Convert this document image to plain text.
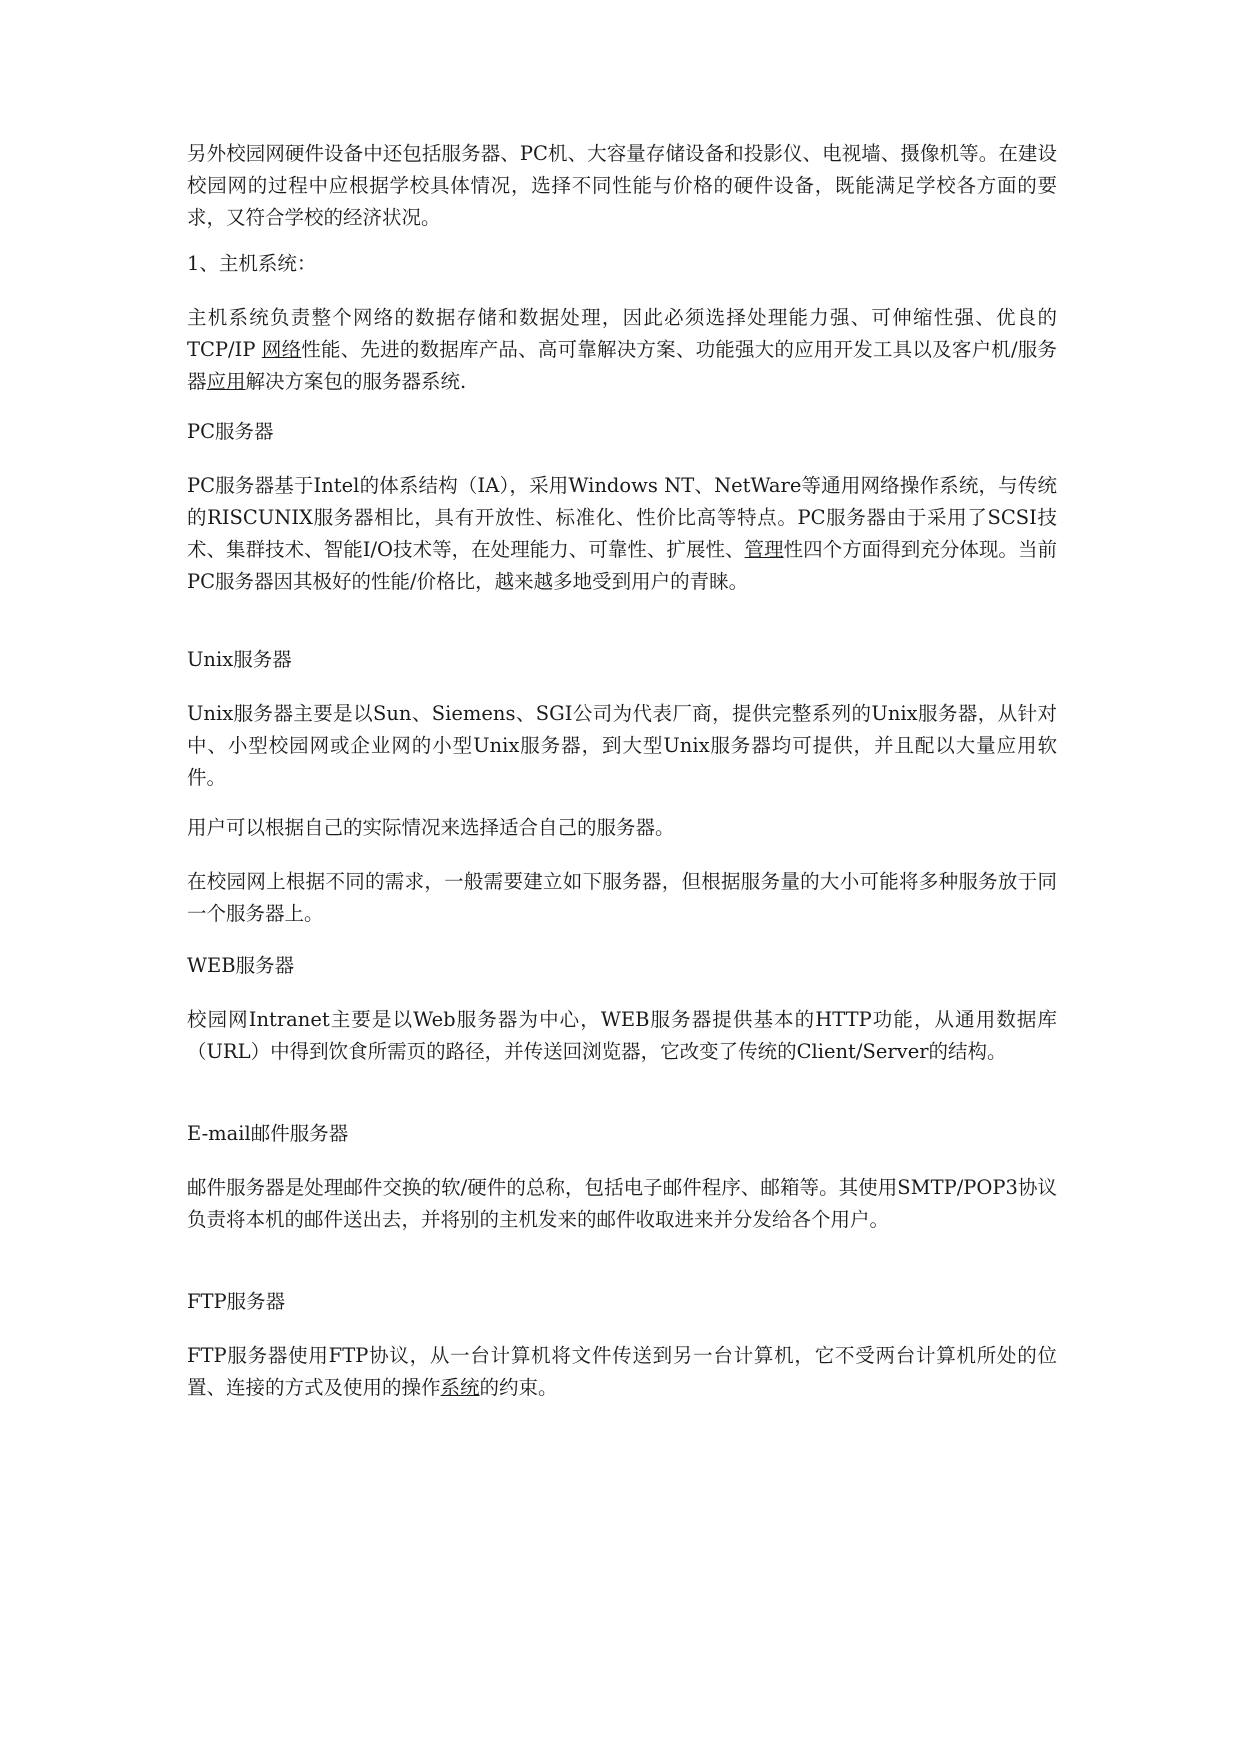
另外校园网硬件设备中还包括服务器、PC机、大容量存储设备和投影仪、电视墙、摄像机等。在建设校园网的过程中应根据学校具体情况，选择不同性能与价格的硬件设备，既能满足学校各方面的要求，又符合学校的经济状况。

1、主机系统：

主机系统负责整个网络的数据存储和数据处理，因此必须选择处理能力强、可伸缩性强、优良的TCP/IP 网络性能、先进的数据库产品、高可靠解决方案、功能强大的应用开发工具以及客户机/服务器应用解决方案包的服务器系统.

PC服务器

PC服务器基于Intel的体系结构（IA），采用Windows NT、NetWare等通用网络操作系统，与传统的RISCUNIX服务器相比，具有开放性、标准化、性价比高等特点。PC服务器由于采用了SCSI技术、集群技术、智能I/O技术等，在处理能力、可靠性、扩展性、管理性四个方面得到充分体现。当前PC服务器因其极好的性能/价格比，越来越多地受到用户的青睐。

Unix服务器

Unix服务器主要是以Sun、Siemens、SGI公司为代表厂商，提供完整系列的Unix服务器，从针对中、小型校园网或企业网的小型Unix服务器，到大型Unix服务器均可提供，并且配以大量应用软件。

用户可以根据自己的实际情况来选择适合自己的服务器。

在校园网上根据不同的需求，一般需要建立如下服务器，但根据服务量的大小可能将多种服务放于同一个服务器上。

WEB服务器

校园网Intranet主要是以Web服务器为中心，WEB服务器提供基本的HTTP功能，从通用数据库（URL）中得到饮食所需页的路径，并传送回浏览器，它改变了传统的Client/Server的结构。

E-mail邮件服务器

邮件服务器是处理邮件交换的软/硬件的总称，包括电子邮件程序、邮箱等。其使用SMTP/POP3协议负责将本机的邮件送出去，并将别的主机发来的邮件收取进来并分发给各个用户。

FTP服务器

FTP服务器使用FTP协议，从一台计算机将文件传送到另一台计算机，它不受两台计算机所处的位置、连接的方式及使用的操作系统的约束。
